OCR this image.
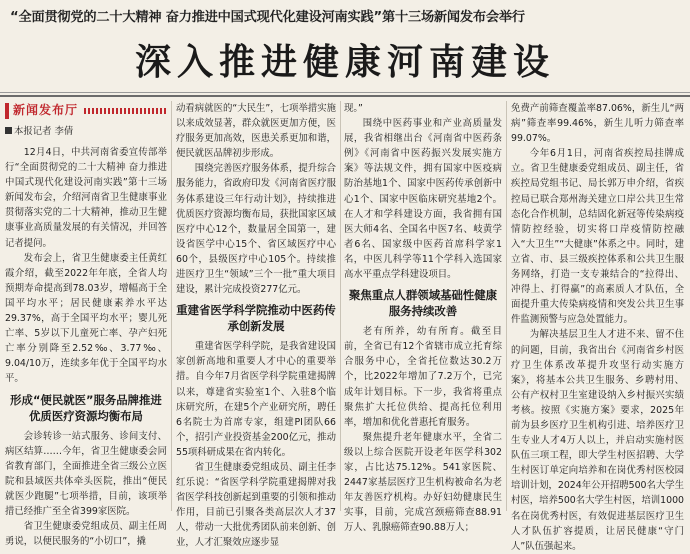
“全面贯彻党的二十大精神 奋力推进中国式现代化建设河南实践”第十三场新闻发布会举行
深入推进健康河南建设
新闻发布厅
本报记者 李倩

12月4日，中共河南省委宣传部举行“全面贯彻党的二十大精神 奋力推进中国式现代化建设河南实践”第十三场新闻发布会，介绍河南省卫生健康事业贯彻落实党的二十大精神，推动卫生健康事业高质量发展的有关情况，并回答记者提问。

发布会上，省卫生健康委主任黄红霞介绍，截至2022年年底，全省人均预期寿命提高到78.03岁，增幅高于全国平均水平；居民健康素养水平达29.37%，高于全国平均水平；婴儿死亡率、5岁以下儿童死亡率、孕产妇死亡率分别降至2.52‰、3.77‰、9.04/10万，连续多年优于全国平均水平。

形成“便民就医”服务品牌推进优质医疗资源均衡布局

会诊转诊一站式服务、诊间支付、病区结算……今年，省卫生健康委会同省教育部门，全面推进全省三级公立医院和县域医共体牵头医院，推出“便民就医少跑腿”七项举措，目前，该项举措已经推广至全省399家医院。

省卫生健康委党组成员、副主任周勇说，以便民服务的“小切口”，撬

动看病就医的“大民生”，七项举措实施以来成效显著，群众就医更加方便，医疗服务更加高效，医患关系更加和谐，便民就医品牌初步形成。

围绕完善医疗服务体系，提升综合服务能力，省政府印发《河南省医疗服务体系建设三年行动计划》，持续推进优质医疗资源均衡布局，获批国家区域医疗中心12个，数量居全国第一，建设省医学中心15个、省区域医疗中心60个，县级医疗中心105个。持续推进医疗卫生“领域”三个一批”重大项目建设，累计完成投资277亿元。

重建省医学科学院推动中医药传承创新发展

重建省医学科学院，是我省建设国家创新高地和重要人才中心的重要举措。自今年7月省医学科学院重建揭牌以来，尊建省实验室1个、入驻8个临床研究所，在建5个产业研究所，聘任6名院士为首席专家，组建PI团队66个，招引产业投资基金200亿元，推动55项科研成果在省内转化。

省卫生健康委党组成员、副主任李红乐说：“省医学科学院重建揭牌对我省医学科技创新起到重要的引领和推动作用，目前已引聚各类高层次人才37人，带动一大批优秀团队前来创新、创业，人才汇聚效应逐步显

现。”

围绕中医药事业和产业高质量发展，我省相继出台《河南省中医药条例》《河南省中医药振兴发展实施方案》等法规文件，拥有国家中医疫病防治基地1个、国家中医药传承创新中心1个、国家中医临床研究基地2个。在人才和学科建设方面，我省拥有国医大师4名、全国名中医7名、岐黄学者6名、国家级中医药首席科学家1名，中医儿科学等11个学科入选国家高水平重点学科建设项目。

聚焦重点人群领域基础性健康服务持续改善

老有所养，幼有所育。截至目前，全省已有12个省辖市成立托育综合服务中心，全省托位数达30.2万个，比2022年增加了7.2万个，已完成年计划目标。下一步，我省将重点聚焦扩大托位供给、提高托位利用率，增加和优化普惠托育服务。

聚焦提升老年健康水平，全省二级以上综合医院开设老年医学科302家，占比达75.12%。541家医院、2447家基层医疗卫生机构被命名为老年友善医疗机构。办好妇幼健康民生实事，目前，完成宫颈癌筛查88.91万人、乳腺癌筛查90.88万人；

免费产前筛查覆盖率87.06%，新生儿“两病”筛查率99.46%，新生儿听力筛查率99.07%。

今年6月1日，河南省疾控局挂牌成立。省卫生健康委党组成员、副主任，省疾控局党组书记、局长郭万申介绍，省疾控局已联合郑州海关建立口岸公共卫生常态化合作机制，总结固化新冠等传染病疫情防控经验，切实将口岸疫情防控融入“大卫生”“大健康”体系之中。同时，建立省、市、县三级疾控体系和公共卫生服务网络，打造一支专兼结合的“拉得出、冲得上、打得赢”的高素质人才队伍，全面提升重大传染病疫情和突发公共卫生事件监测预警与应急处置能力。

为解决基层卫生人才进不来、留不住的问题，目前，我省出台《河南省乡村医疗卫生体系改革提升攻坚行动实施方案》，将基本公共卫生服务、乡聘村用、公有产权村卫生室建设纳入乡村振兴实绩考核。按照《实施方案》要求，2025年前为县乡医疗卫生机构引进、培养医疗卫生专业人才4万人以上，并启动实施村医队伍三项工程，即大学生村医招聘、大学生村医订单定向培养和在岗优秀村医校园培训计划，2024年公开招聘500名大学生村医，培养500名大学生村医，培训1000名在岗优秀村医，有效促进基层医疗卫生人才队伍扩容提质，让居民健康“守门人”队伍强起来。
